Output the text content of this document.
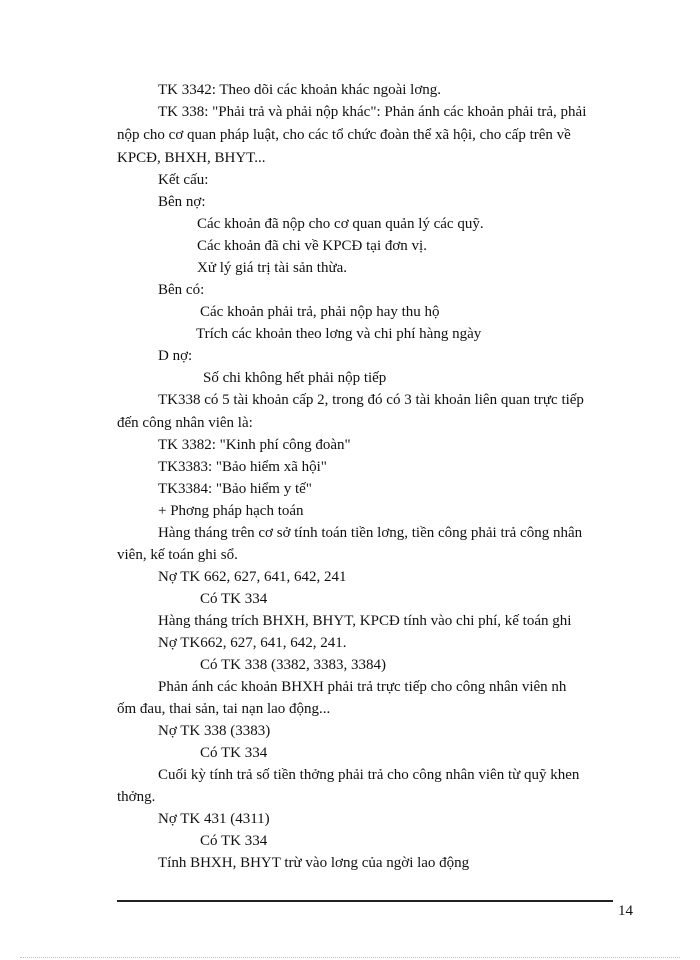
TK 3342: Theo dõi các khoản khác ngoài lơng.
TK 338: "Phải trả và phải nộp khác": Phản ánh các khoản phải trả, phải
nộp cho cơ quan pháp luật, cho các tổ chức đoàn thể xã hội, cho cấp trên về
KPCĐ, BHXH, BHYT...
Kết cấu:
Bên nợ:
Các khoản đã nộp cho cơ quan quản lý các quỹ.
Các khoản đã chi về KPCĐ tại đơn vị.
Xử lý giá trị tài sản thừa.
Bên có:
Các khoản phải trả, phải nộp hay thu hộ
Trích các khoản theo lơng và chi phí hàng ngày
D nợ:
Số chi không hết phải nộp tiếp
TK338 có 5 tài khoản cấp 2, trong đó có 3 tài khoản liên quan trực tiếp
đến công nhân viên là:
TK 3382: "Kinh phí công đoàn"
TK3383: "Bảo hiểm xã hội"
TK3384: "Bảo hiểm y tế"
+ Phơng pháp hạch toán
Hàng tháng trên cơ sở tính toán tiền lơng, tiền công phải trả công nhân
viên, kế toán ghi sổ.
Nợ TK 662, 627, 641, 642, 241
Có TK 334
Hàng tháng trích BHXH, BHYT, KPCĐ tính vào chi phí, kế toán ghi
Nợ TK662, 627, 641, 642, 241.
Có TK 338 (3382, 3383, 3384)
Phản ánh các khoản BHXH phải trả trực tiếp cho công nhân viên nh
ốm đau, thai sản, tai nạn lao động...
Nợ TK 338 (3383)
Có TK 334
Cuối kỳ tính trả số tiền thởng phải trả cho công nhân viên từ quỹ khen
thởng.
Nợ TK 431 (4311)
Có TK 334
Tính BHXH, BHYT trừ vào lơng của ngời lao động
14
